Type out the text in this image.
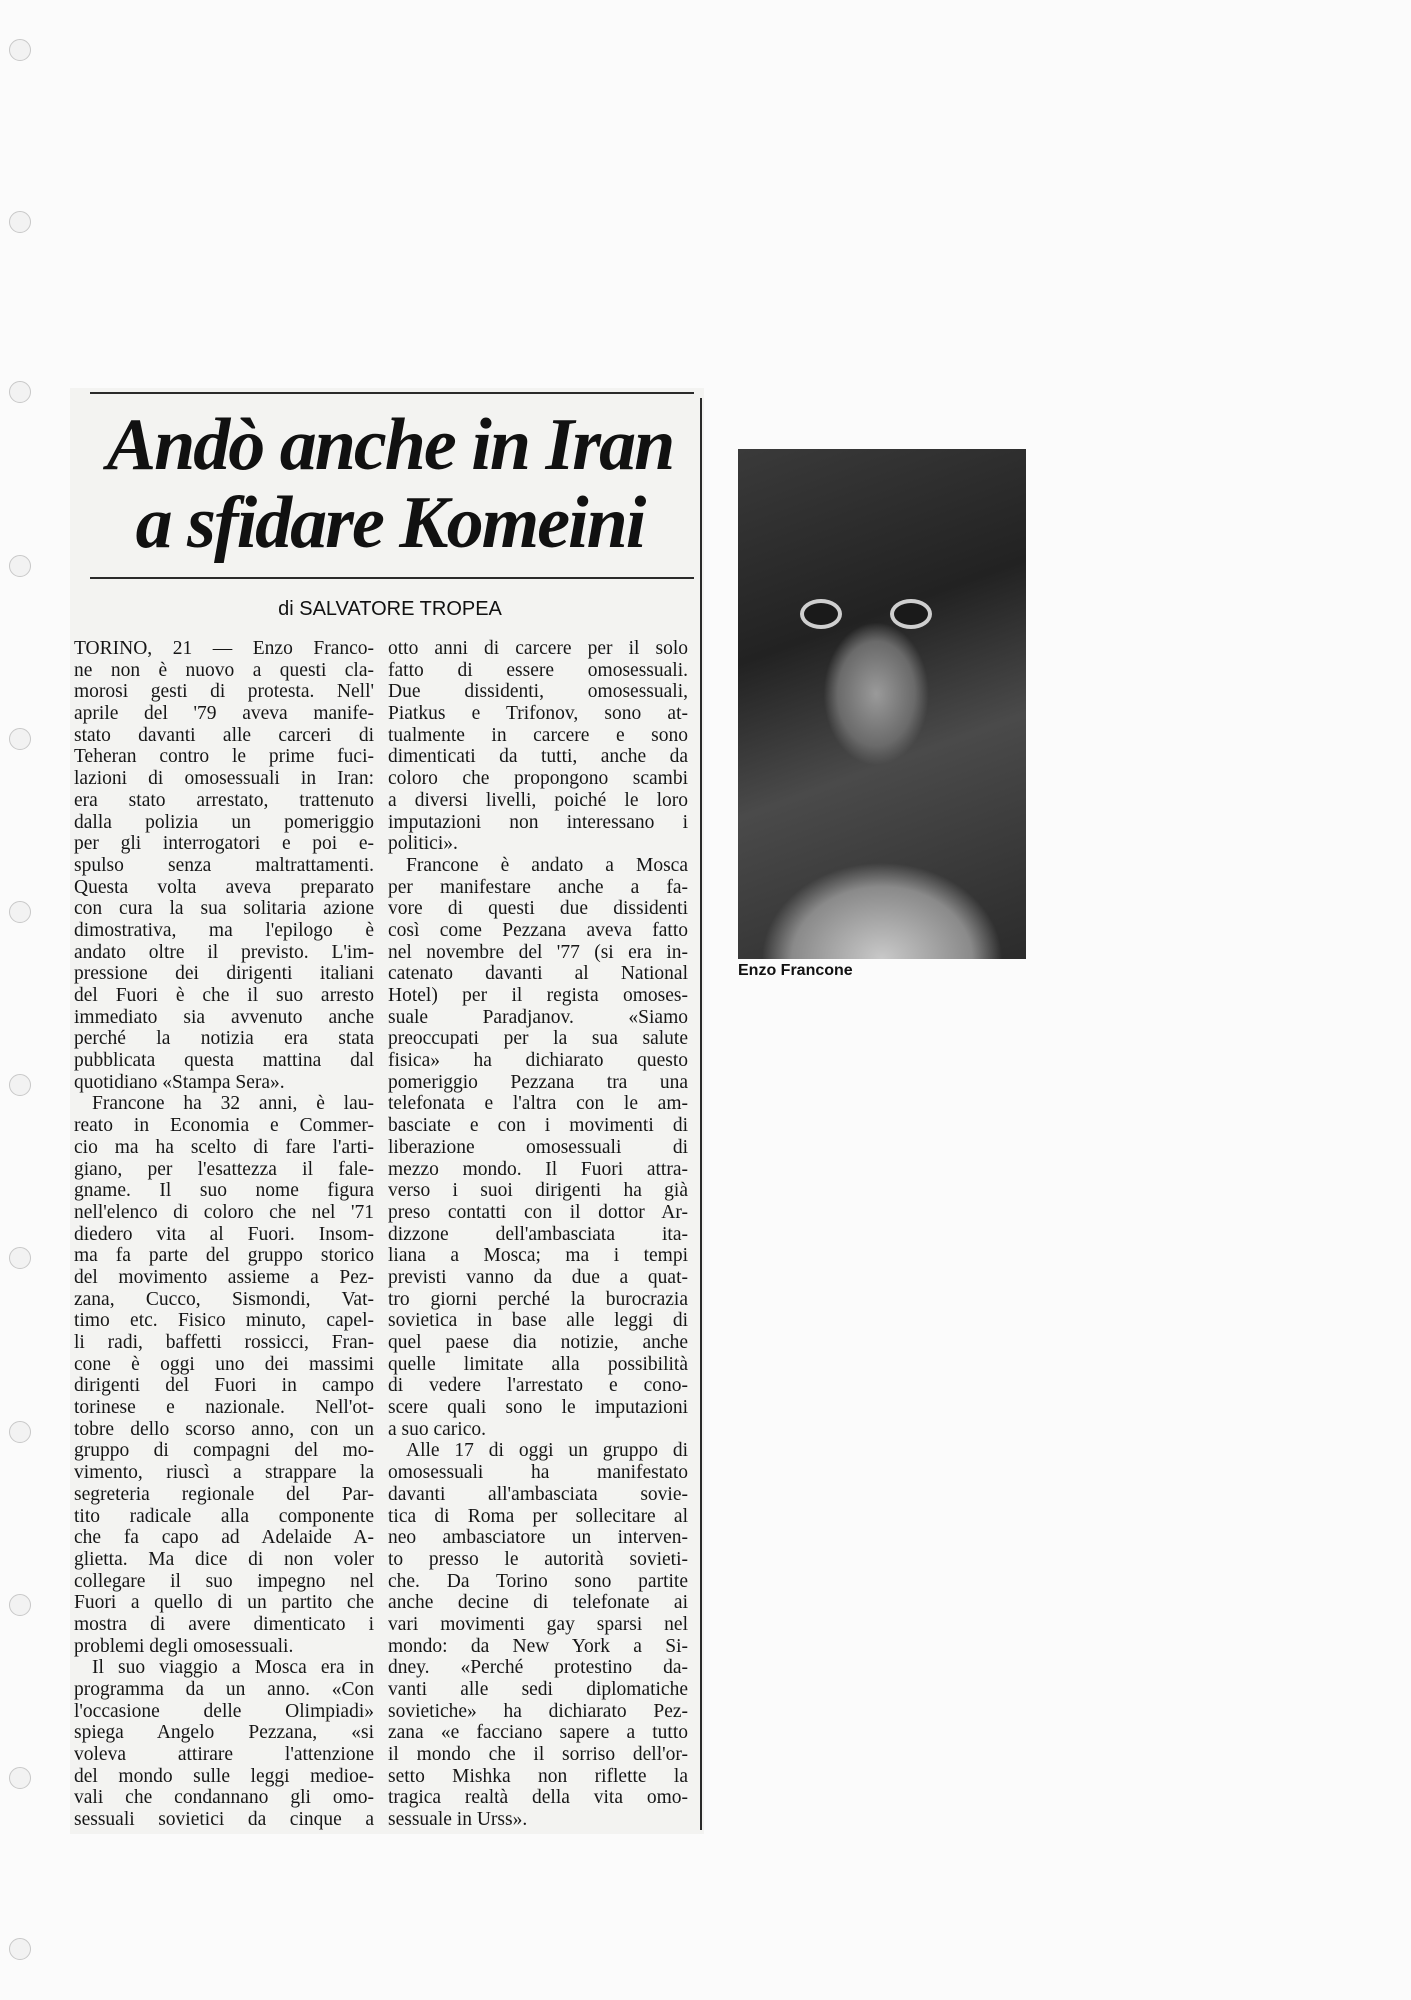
Andò anche in Iran
a sfidare Komeini
di SALVATORE TROPEA
TORINO, 21 — Enzo Franco-
ne non è nuovo a questi cla-
morosi gesti di protesta. Nell'
aprile del '79 aveva manife-
stato davanti alle carceri di
Teheran contro le prime fuci-
lazioni di omosessuali in Iran:
era stato arrestato, trattenuto
dalla polizia un pomeriggio
per gli interrogatori e poi e-
spulso senza maltrattamenti.
Questa volta aveva preparato
con cura la sua solitaria azione
dimostrativa, ma l'epilogo è
andato oltre il previsto. L'im-
pressione dei dirigenti italiani
del Fuori è che il suo arresto
immediato sia avvenuto anche
perché la notizia era stata
pubblicata questa mattina dal
quotidiano «Stampa Sera».
Francone ha 32 anni, è lau-
reato in Economia e Commer-
cio ma ha scelto di fare l'arti-
giano, per l'esattezza il fale-
gname. Il suo nome figura
nell'elenco di coloro che nel '71
diedero vita al Fuori. Insom-
ma fa parte del gruppo storico
del movimento assieme a Pez-
zana, Cucco, Sismondi, Vat-
timo etc. Fisico minuto, capel-
li radi, baffetti rossicci, Fran-
cone è oggi uno dei massimi
dirigenti del Fuori in campo
torinese e nazionale. Nell'ot-
tobre dello scorso anno, con un
gruppo di compagni del mo-
vimento, riuscì a strappare la
segreteria regionale del Par-
tito radicale alla componente
che fa capo ad Adelaide A-
glietta. Ma dice di non voler
collegare il suo impegno nel
Fuori a quello di un partito che
mostra di avere dimenticato i
problemi degli omosessuali.
Il suo viaggio a Mosca era in
programma da un anno. «Con
l'occasione delle Olimpiadi»
spiega Angelo Pezzana, «si
voleva attirare l'attenzione
del mondo sulle leggi medioe-
vali che condannano gli omo-
sessuali sovietici da cinque a
otto anni di carcere per il solo
fatto di essere omosessuali.
Due dissidenti, omosessuali,
Piatkus e Trifonov, sono at-
tualmente in carcere e sono
dimenticati da tutti, anche da
coloro che propongono scambi
a diversi livelli, poiché le loro
imputazioni non interessano i
politici».
Francone è andato a Mosca
per manifestare anche a fa-
vore di questi due dissidenti
così come Pezzana aveva fatto
nel novembre del '77 (si era in-
catenato davanti al National
Hotel) per il regista omoses-
suale Paradjanov. «Siamo
preoccupati per la sua salute
fisica» ha dichiarato questo
pomeriggio Pezzana tra una
telefonata e l'altra con le am-
basciate e con i movimenti di
liberazione omosessuali di
mezzo mondo. Il Fuori attra-
verso i suoi dirigenti ha già
preso contatti con il dottor Ar-
dizzone dell'ambasciata ita-
liana a Mosca; ma i tempi
previsti vanno da due a quat-
tro giorni perché la burocrazia
sovietica in base alle leggi di
quel paese dia notizie, anche
quelle limitate alla possibilità
di vedere l'arrestato e cono-
scere quali sono le imputazioni
a suo carico.
Alle 17 di oggi un gruppo di
omosessuali ha manifestato
davanti all'ambasciata sovie-
tica di Roma per sollecitare al
neo ambasciatore un interven-
to presso le autorità sovieti-
che. Da Torino sono partite
anche decine di telefonate ai
vari movimenti gay sparsi nel
mondo: da New York a Si-
dney. «Perché protestino da-
vanti alle sedi diplomatiche
sovietiche» ha dichiarato Pez-
zana «e facciano sapere a tutto
il mondo che il sorriso dell'or-
setto Mishka non riflette la
tragica realtà della vita omo-
sessuale in Urss».
Enzo Francone
